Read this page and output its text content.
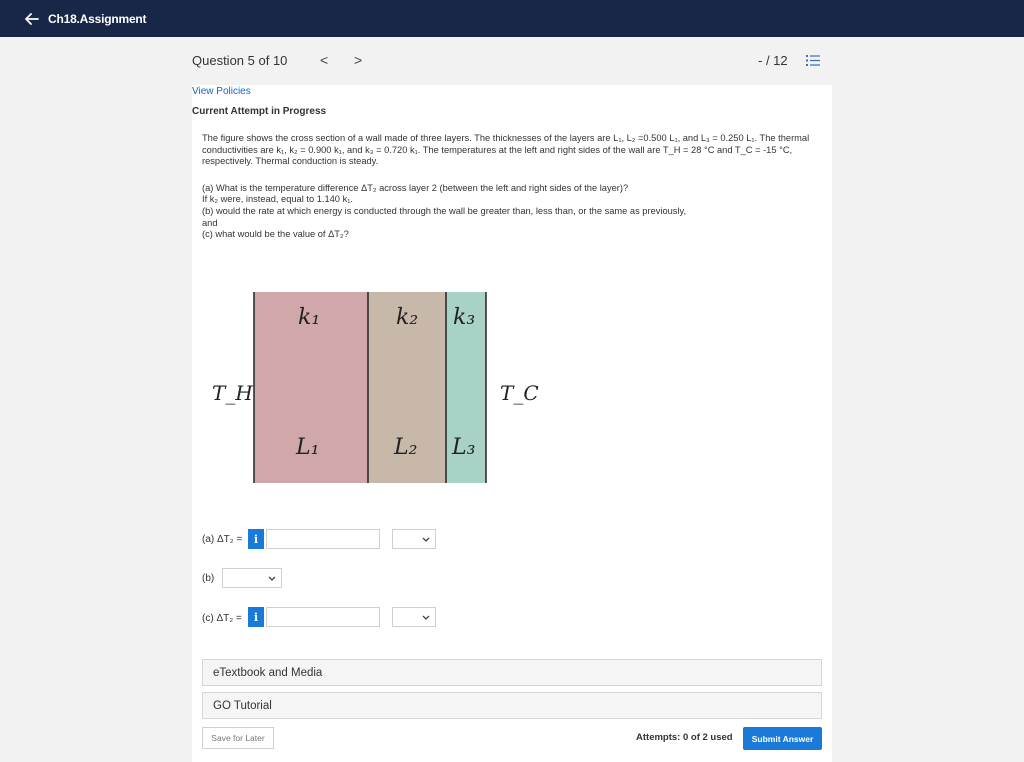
Ch18.Assignment
Question 5 of 10 < >	- / 12
View Policies
Current Attempt in Progress

The figure shows the cross section of a wall made of three layers. The thicknesses of the layers are L₁, L₂ =0.500 L₁, and L₃ = 0.250 L₁. The thermal conductivities are k₁, k₂ = 0.900 k₁, and k₃ = 0.720 k₁. The temperatures at the left and right sides of the wall are T_H = 28 °C and T_C = -15 °C, respectively. Thermal conduction is steady.

(a) What is the temperature difference ΔT₂ across layer 2 (between the left and right sides of the layer)?

If k₂ were, instead, equal to 1.140 k₁.

(b) would the rate at which energy is conducted through the wall be greater than, less than, or the same as previously,

and

(c) what would be the value of ΔT₂?

k₁	k₂ k₃
T_H	T_C
L₁	L₂ L₃
(a) ΔT₂ =	i
(b)
(c) ΔT₂ =	i
eTextbook and Media
GO Tutorial
Save for Later	Attempts: 0 of 2 used	Submit Answer
